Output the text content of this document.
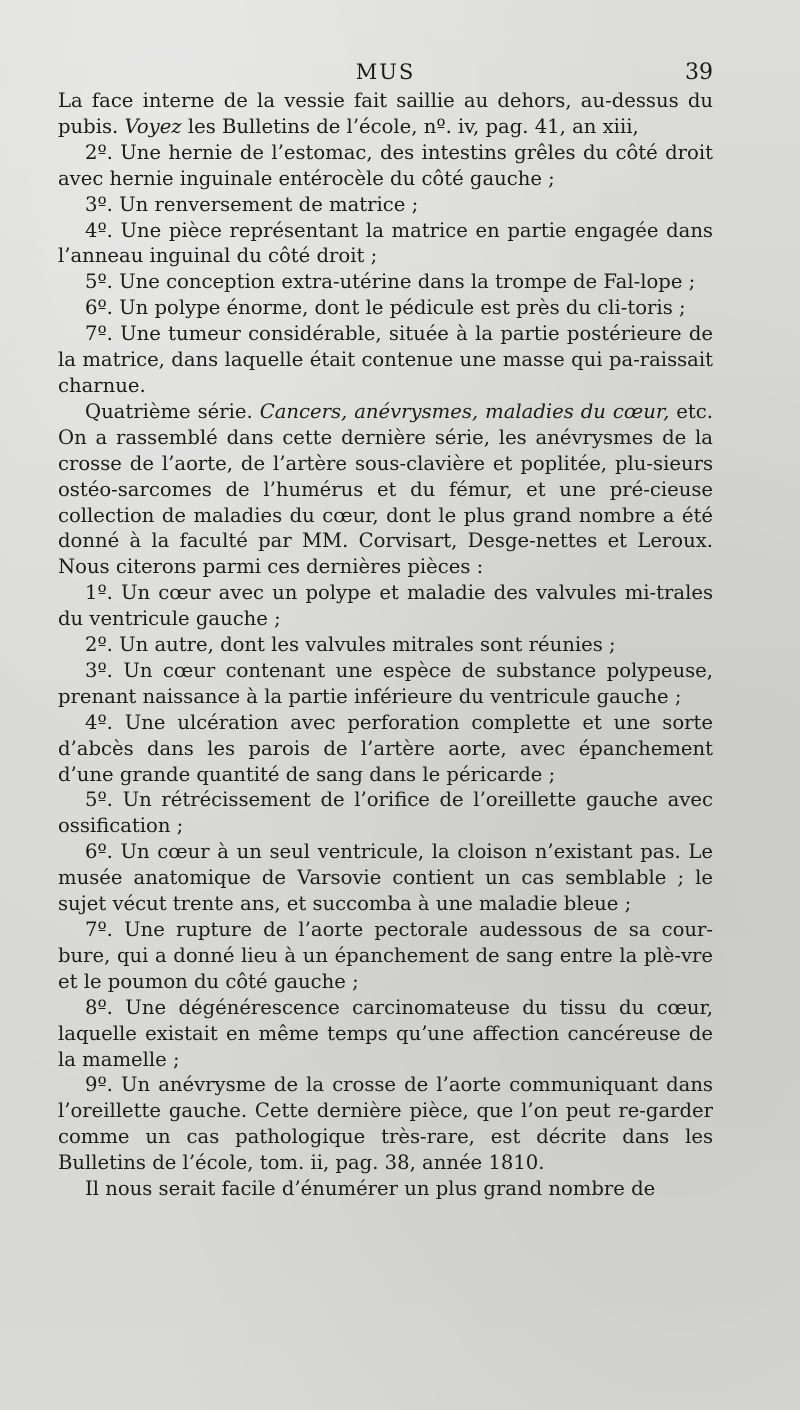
MUS	39

La face interne de la vessie fait saillie au dehors, au-dessus du pubis. Voyez les Bulletins de l’école, nº. iv, pag. 41, an xiii,

2º. Une hernie de l’estomac, des intestins grêles du côté droit avec hernie inguinale entérocèle du côté gauche ;

3º. Un renversement de matrice ;

4º. Une pièce représentant la matrice en partie engagée dans l’anneau inguinal du côté droit ;

5º. Une conception extra-utérine dans la trompe de Fal-lope ;

6º. Un polype énorme, dont le pédicule est près du cli-toris ;

7º. Une tumeur considérable, située à la partie postérieure de la matrice, dans laquelle était contenue une masse qui pa-raissait charnue.

Quatrième série. Cancers, anévrysmes, maladies du cœur, etc. On a rassemblé dans cette dernière série, les anévrysmes de la crosse de l’aorte, de l’artère sous-clavière et poplitée, plu-sieurs ostéo-sarcomes de l’humérus et du fémur, et une pré-cieuse collection de maladies du cœur, dont le plus grand nombre a été donné à la faculté par MM. Corvisart, Desge-nettes et Leroux. Nous citerons parmi ces dernières pièces :

1º. Un cœur avec un polype et maladie des valvules mi-trales du ventricule gauche ;

2º. Un autre, dont les valvules mitrales sont réunies ;

3º. Un cœur contenant une espèce de substance polypeuse, prenant naissance à la partie inférieure du ventricule gauche ;

4º. Une ulcération avec perforation complette et une sorte d’abcès dans les parois de l’artère aorte, avec épanchement d’une grande quantité de sang dans le péricarde ;

5º. Un rétrécissement de l’orifice de l’oreillette gauche avec ossification ;

6º. Un cœur à un seul ventricule, la cloison n’existant pas. Le musée anatomique de Varsovie contient un cas semblable ; le sujet vécut trente ans, et succomba à une maladie bleue ;

7º. Une rupture de l’aorte pectorale audessous de sa cour-bure, qui a donné lieu à un épanchement de sang entre la plè-vre et le poumon du côté gauche ;

8º. Une dégénérescence carcinomateuse du tissu du cœur, laquelle existait en même temps qu’une affection cancéreuse de la mamelle ;

9º. Un anévrysme de la crosse de l’aorte communiquant dans l’oreillette gauche. Cette dernière pièce, que l’on peut re-garder comme un cas pathologique très-rare, est décrite dans les Bulletins de l’école, tom. ii, pag. 38, année 1810.

Il nous serait facile d’énumérer un plus grand nombre de
